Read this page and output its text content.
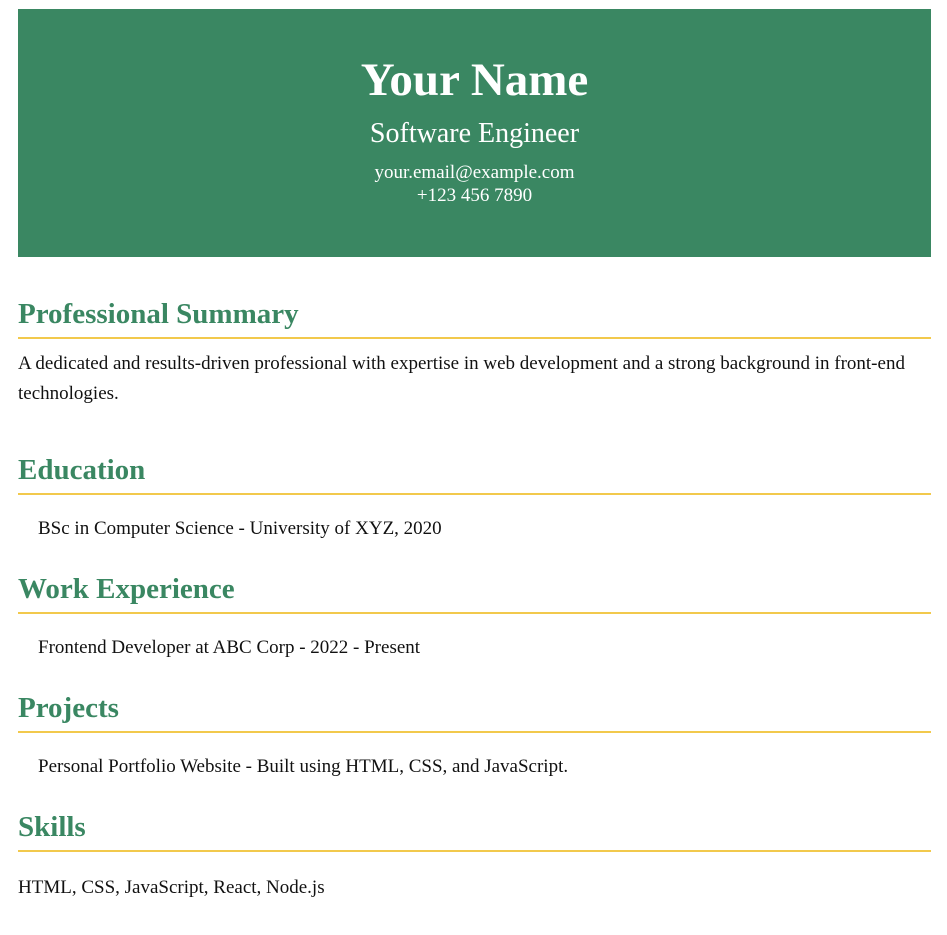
Your Name
Software Engineer
your.email@example.com
+123 456 7890
Professional Summary

A dedicated and results-driven professional with expertise in web development and a strong background in front-end technologies.

Education
BSc in Computer Science - University of XYZ, 2020
Work Experience
Frontend Developer at ABC Corp - 2022 - Present
Projects
Personal Portfolio Website - Built using HTML, CSS, and JavaScript.
Skills

HTML, CSS, JavaScript, React, Node.js
